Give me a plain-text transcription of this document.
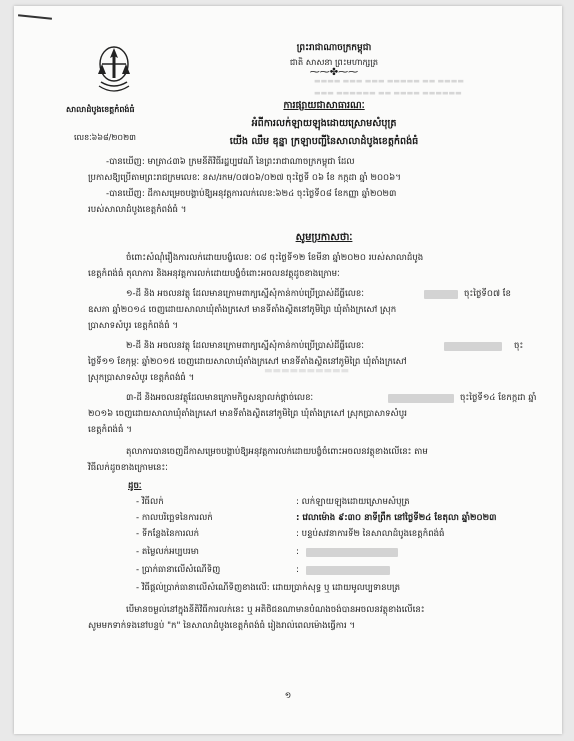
▬▬▬▬ ▬▬▬ ▬▬▬ ▬▬▬▬▬ ▬▬ ▬▬▬▬
▬▬▬ ▬▬▬▬▬▬ ▬▬ ▬▬▬▬ ▬▬▬▬▬▬
សាលាដំបូងខេត្តកំពង់ធំ
លេខៈ៦៦៨/២០២៣
ព្រះរាជាណាចក្រកម្ពុជា
ជាតិ សាសនា ព្រះមហាក្សត្រ
⁓⁓✤⁓⁓
ការផ្សាយជាសាធារណៈ
អំពីការលក់ឡាយឡុងដោយស្រោមសំបុត្រ
យើង ឈឹម ឌុន្នា ក្រឡាបញ្ជីនៃសាលាដំបូងខេត្តកំពង់ធំ
-បានឃើញ: មាត្រា៤៣៦ ក្រមនីតិវិធីរដ្ឋប្បវេណី នៃព្រះរាជាណាចក្រកម្ពុជា ដែល
ប្រកាសឱ្យប្រើតាមព្រះរាជក្រមលេខៈ នស/រកម/០៧០៦/០២៧ ចុះថ្ងៃទី ០៦ ខែ កក្កដា ឆ្នាំ ២០០៦។
-បានឃើញ: ដីកាសម្រេចបង្គាប់ឱ្យអនុវត្តការលក់លេខ:៦២៤ ចុះថ្ងៃទី០៨ ខែកញ្ញា ឆ្នាំ២០២៣
របស់សាលាដំបូងខេត្តកំពង់ធំ ។
សូមប្រកាសថាៈ
ចំពោះសំណុំរឿងការលក់ដោយបង្ខំលេខៈ ០៨ ចុះថ្ងៃទី១២ ខែមីនា ឆ្នាំ២០២០ របស់សាលាដំបូង
ខេត្តកំពង់ធំ តុលាការ និងអនុវត្តការលក់ដោយបង្ខំចំពោះអចលនវត្ថុដូចខាងក្រោមៈ
១-ដី និង អចលនវត្ថុ ដែលមានក្រោមពាក្យស្នើសុំកាន់កាប់ប្រើប្រាស់ដីធ្លីលេខៈ	ចុះថ្ងៃទី០៧ ខែ
ឧសភា ឆ្នាំ២០១៤ ចេញដោយសាលាឃុំតាំងក្រសៅ មានទីតាំងស្ថិតនៅភូមិព្រៃ ឃុំតាំងក្រសៅ ស្រុក
ប្រាសាទសំបូរ ខេត្តកំពង់ធំ ។
២-ដី និង អចលនវត្ថុ ដែលមានក្រោមពាក្យស្នើសុំកាន់កាប់ប្រើប្រាស់ដីធ្លីលេខៈ	ចុះ
ថ្ងៃទី១១ ខែកុម្ភៈ ឆ្នាំ២០១៥ ចេញដោយសាលាឃុំតាំងក្រសៅ មានទីតាំងស្ថិតនៅភូមិព្រៃ ឃុំតាំងក្រសៅ
ស្រុកប្រាសាទសំបូរ ខេត្តកំពង់ធំ ។
៣-ដី និងអចលនវត្ថុដែលមានក្រោមកិច្ចសន្យាលក់ផ្តាច់លេខៈ	ចុះថ្ងៃទី១៤ ខែកក្កដា ឆ្នាំ
២០១៦ ចេញដោយសាលាឃុំតាំងក្រសៅ មានទីតាំងស្ថិតនៅភូមិព្រៃ ឃុំតាំងក្រសៅ ស្រុកប្រាសាទសំបូរ
ខេត្តកំពង់ធំ ។
តុលាការបានចេញដីកាសម្រេចបង្គាប់ឱ្យអនុវត្តការលក់ដោយបង្ខំចំពោះអចលនវត្ថុខាងលើនេះ តាម
វិធីលក់ដូចខាងក្រោមនេះៈ
ដូចៈ
- វិធីលក់	: លក់ឡាយឡុងដោយស្រោមសំបុត្រ
- កាលបរិច្ឆេទនៃការលក់	: វេលាម៉ោង ៩:៣០ នាទីព្រឹក នៅថ្ងៃទី២៤ ខែតុលា ឆ្នាំ២០២៣
- ទីកន្លែងនៃការលក់	: បន្ទប់សវនាការទី២ នៃសាលាដំបូងខេត្តកំពង់ធំ
- តម្លៃលក់អប្បបរមា	:
- ប្រាក់ធានាលើសំណើទិញ	:
- វិធីផ្តល់ប្រាក់ធានាលើសំណើទិញខាងលើ: ដោយប្រាក់សុទ្ធ ឬ ដោយមូលប្បទានបត្រ
បើមានចម្ងល់នៅក្នុងនីតិវិធីការលក់នេះ ឬ អតិថិជនណាមានបំណងចង់បានអចលនវត្ថុខាងលើនេះ
សូមមកទាក់ទងនៅបន្ទប់ "ក" នៃសាលាដំបូងខេត្តកំពង់ធំ រៀងរាល់ពេលម៉ោងធ្វើការ ។
១
▬▬▬▬▬▬▬▬▬▬
